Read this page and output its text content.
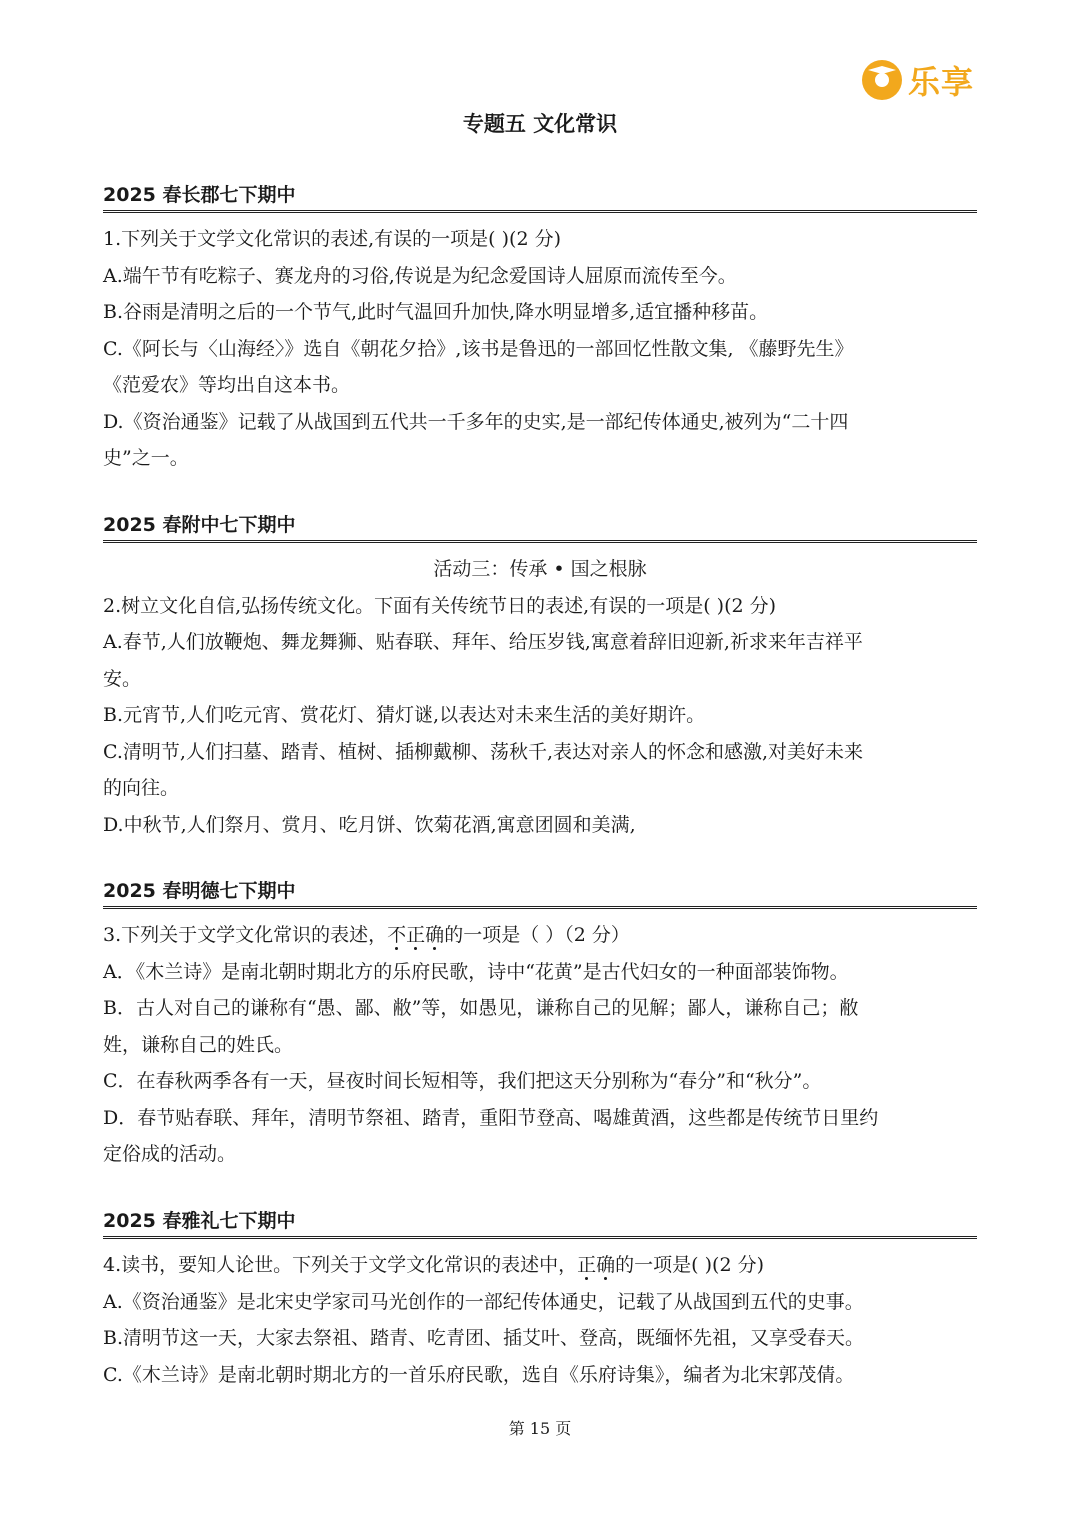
乐享
专题五 文化常识
2025 春长郡七下期中
1.下列关于文学文化常识的表述,有误的一项是( )(2 分)
A.端午节有吃粽子、赛龙舟的习俗,传说是为纪念爱国诗人屈原而流传至今。
B.谷雨是清明之后的一个节气,此时气温回升加快,降水明显增多,适宜播种移苗。
C.《阿长与〈山海经〉》选自《朝花夕拾》,该书是鲁迅的一部回忆性散文集, 《藤野先生》
《范爱农》等均出自这本书。
D.《资治通鉴》记载了从战国到五代共一千多年的史实,是一部纪传体通史,被列为“二十四
史”之一。
2025 春附中七下期中
活动三：传承 • 国之根脉
2.树立文化自信,弘扬传统文化。下面有关传统节日的表述,有误的一项是( )(2 分)
A.春节,人们放鞭炮、舞龙舞狮、贴春联、拜年、给压岁钱,寓意着辞旧迎新,祈求来年吉祥平
安。
B.元宵节,人们吃元宵、赏花灯、猜灯谜,以表达对未来生活的美好期许。
C.清明节,人们扫墓、踏青、植树、插柳戴柳、荡秋千,表达对亲人的怀念和感激,对美好未来
的向往。
D.中秋节,人们祭月、赏月、吃月饼、饮菊花酒,寓意团圆和美满,
2025 春明德七下期中
3.下列关于文学文化常识的表述，不正确的一项是（ ）（2 分）
A．《木兰诗》是南北朝时期北方的乐府民歌，诗中“花黄”是古代妇女的一种面部装饰物。
B．古人对自己的谦称有“愚、鄙、敝”等，如愚见，谦称自己的见解；鄙人，谦称自己；敝
姓，谦称自己的姓氏。
C．在春秋两季各有一天，昼夜时间长短相等，我们把这天分别称为“春分”和“秋分”。
D．春节贴春联、拜年，清明节祭祖、踏青，重阳节登高、喝雄黄酒，这些都是传统节日里约
定俗成的活动。
2025 春雅礼七下期中
4.读书，要知人论世。下列关于文学文化常识的表述中，正确的一项是( )(2 分)
A.《资治通鉴》是北宋史学家司马光创作的一部纪传体通史，记载了从战国到五代的史事。
B.清明节这一天，大家去祭祖、踏青、吃青团、插艾叶、登高，既缅怀先祖，又享受春天。
C.《木兰诗》是南北朝时期北方的一首乐府民歌，选自《乐府诗集》，编者为北宋郭茂倩。
第 15 页
